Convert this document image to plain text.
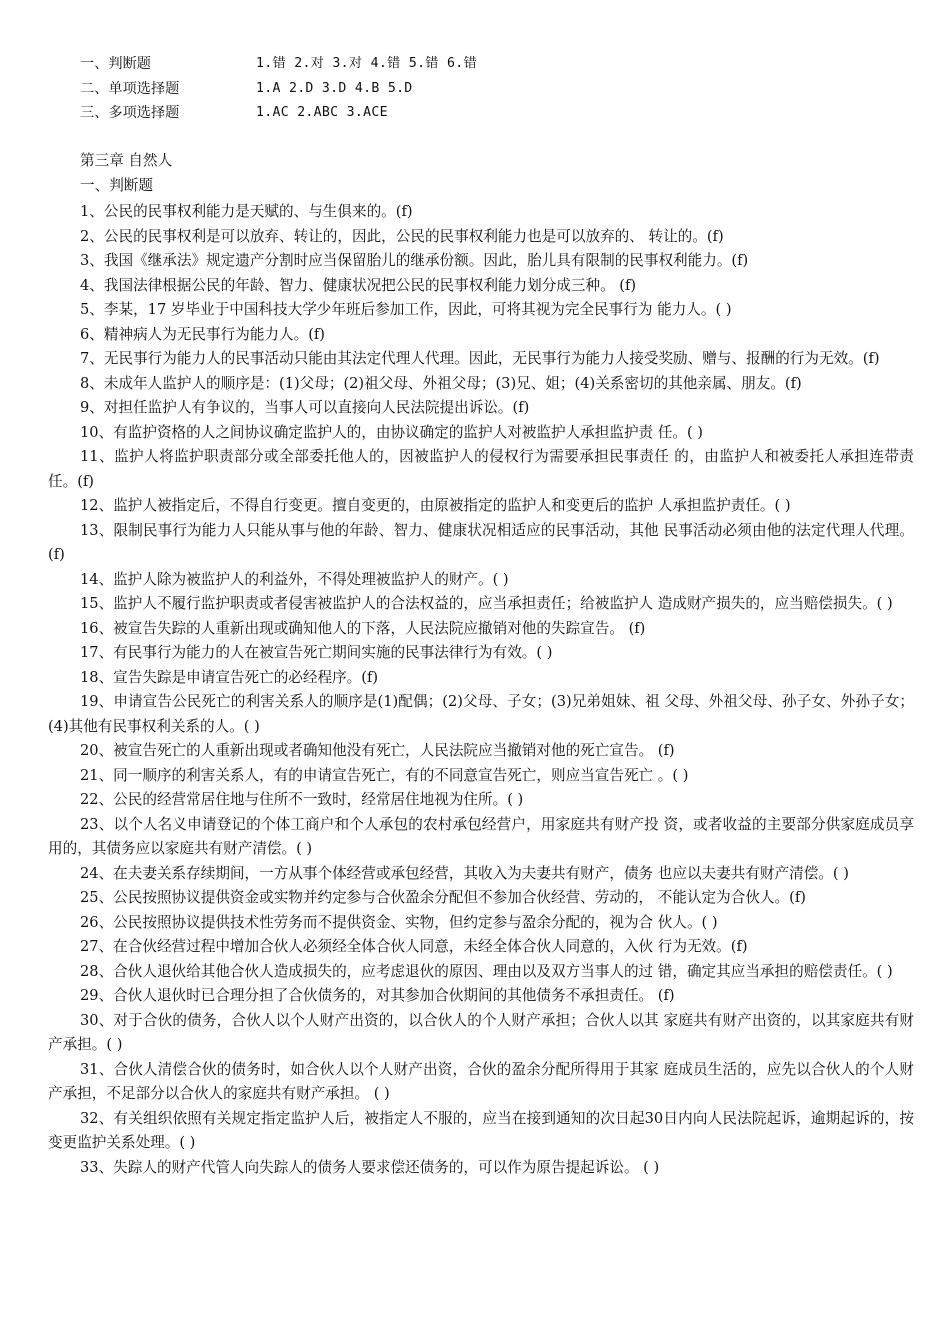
一、判断题	1.错 2.对 3.对 4.错 5.错 6.错
二、单项选择题	1.A 2.D 3.D 4.B 5.D
三、多项选择题	1.AC 2.ABC 3.ACE
第三章 自然人
一、判断题

1、公民的民事权利能力是天赋的、与生俱来的。(f)

2、公民的民事权利是可以放弃、转让的，因此，公民的民事权利能力也是可以放弃的、 转让的。(f)

3、我国《继承法》规定遗产分割时应当保留胎儿的继承份额。因此，胎儿具有限制的民事权利能力。(f)

4、我国法律根据公民的年龄、智力、健康状况把公民的民事权利能力划分成三种。 (f)

5、李某，17 岁毕业于中国科技大学少年班后参加工作，因此，可将其视为完全民事行为 能力人。( )

6、精神病人为无民事行为能力人。(f)

7、无民事行为能力人的民事活动只能由其法定代理人代理。因此，无民事行为能力人接受奖励、赠与、报酬的行为无效。(f)

8、未成年人监护人的顺序是：(1)父母；(2)祖父母、外祖父母；(3)兄、姐；(4)关系密切的其他亲属、朋友。(f)

9、对担任监护人有争议的，当事人可以直接向人民法院提出诉讼。(f)

10、有监护资格的人之间协议确定监护人的，由协议确定的监护人对被监护人承担监护责 任。( )

11、监护人将监护职责部分或全部委托他人的，因被监护人的侵权行为需要承担民事责任 的，由监护人和被委托人承担连带责任。(f)

12、监护人被指定后，不得自行变更。擅自变更的，由原被指定的监护人和变更后的监护 人承担监护责任。( )

13、限制民事行为能力人只能从事与他的年龄、智力、健康状况相适应的民事活动，其他 民事活动必须由他的法定代理人代理。(f)

14、监护人除为被监护人的利益外，不得处理被监护人的财产。( )

15、监护人不履行监护职责或者侵害被监护人的合法权益的，应当承担责任；给被监护人 造成财产损失的，应当赔偿损失。( )

16、被宣告失踪的人重新出现或确知他人的下落，人民法院应撤销对他的失踪宣告。 (f)

17、有民事行为能力的人在被宣告死亡期间实施的民事法律行为有效。( )

18、宣告失踪是申请宣告死亡的必经程序。(f)

19、申请宣告公民死亡的利害关系人的顺序是(1)配偶；(2)父母、子女；(3)兄弟姐妹、祖 父母、外祖父母、孙子女、外孙子女；(4)其他有民事权利关系的人。( )

20、被宣告死亡的人重新出现或者确知他没有死亡，人民法院应当撤销对他的死亡宣告。 (f)

21、同一顺序的利害关系人，有的申请宣告死亡，有的不同意宣告死亡，则应当宣告死亡 。( )

22、公民的经营常居住地与住所不一致时，经常居住地视为住所。( )

23、以个人名义申请登记的个体工商户和个人承包的农村承包经营户，用家庭共有财产投 资，或者收益的主要部分供家庭成员享用的，其债务应以家庭共有财产清偿。( )

24、在夫妻关系存续期间，一方从事个体经营或承包经营，其收入为夫妻共有财产，债务 也应以夫妻共有财产清偿。( )

25、公民按照协议提供资金或实物并约定参与合伙盈余分配但不参加合伙经营、劳动的， 不能认定为合伙人。(f)

26、公民按照协议提供技术性劳务而不提供资金、实物，但约定参与盈余分配的，视为合 伙人。( )

27、在合伙经营过程中增加合伙人必须经全体合伙人同意，未经全体合伙人同意的，入伙 行为无效。(f)

28、合伙人退伙给其他合伙人造成损失的，应考虑退伙的原因、理由以及双方当事人的过 错，确定其应当承担的赔偿责任。( )

29、合伙人退伙时已合理分担了合伙债务的，对其参加合伙期间的其他债务不承担责任。 (f)

30、对于合伙的债务，合伙人以个人财产出资的，以合伙人的个人财产承担；合伙人以其 家庭共有财产出资的，以其家庭共有财产承担。( )

31、合伙人清偿合伙的债务时，如合伙人以个人财产出资，合伙的盈余分配所得用于其家 庭成员生活的，应先以合伙人的个人财产承担，不足部分以合伙人的家庭共有财产承担。 ( )

32、有关组织依照有关规定指定监护人后，被指定人不服的，应当在接到通知的次日起30日内向人民法院起诉，逾期起诉的，按变更监护关系处理。( )

33、失踪人的财产代管人向失踪人的债务人要求偿还债务的，可以作为原告提起诉讼。 ( )
